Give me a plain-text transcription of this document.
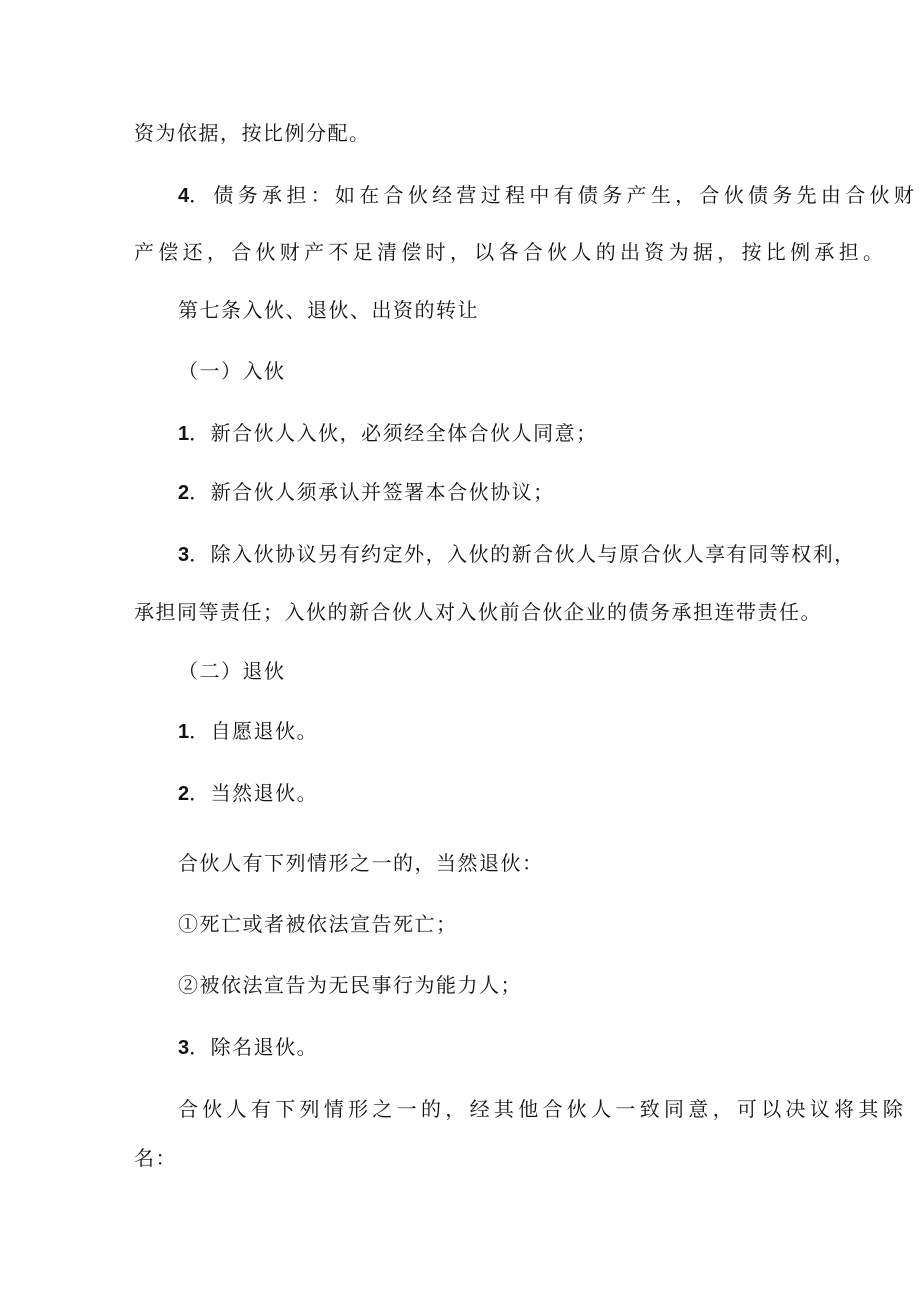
资为依据，按比例分配。
4．债务承担：如在合伙经营过程中有债务产生，合伙债务先由合伙财
产偿还，合伙财产不足清偿时，以各合伙人的出资为据，按比例承担。
第七条入伙、退伙、出资的转让
（一）入伙
1．新合伙人入伙，必须经全体合伙人同意；
2．新合伙人须承认并签署本合伙协议；
3．除入伙协议另有约定外，入伙的新合伙人与原合伙人享有同等权利，
承担同等责任；入伙的新合伙人对入伙前合伙企业的债务承担连带责任。
（二）退伙
1．自愿退伙。
2．当然退伙。
合伙人有下列情形之一的，当然退伙：
①死亡或者被依法宣告死亡；
②被依法宣告为无民事行为能力人；
3．除名退伙。
合伙人有下列情形之一的，经其他合伙人一致同意，可以决议将其除
名：
